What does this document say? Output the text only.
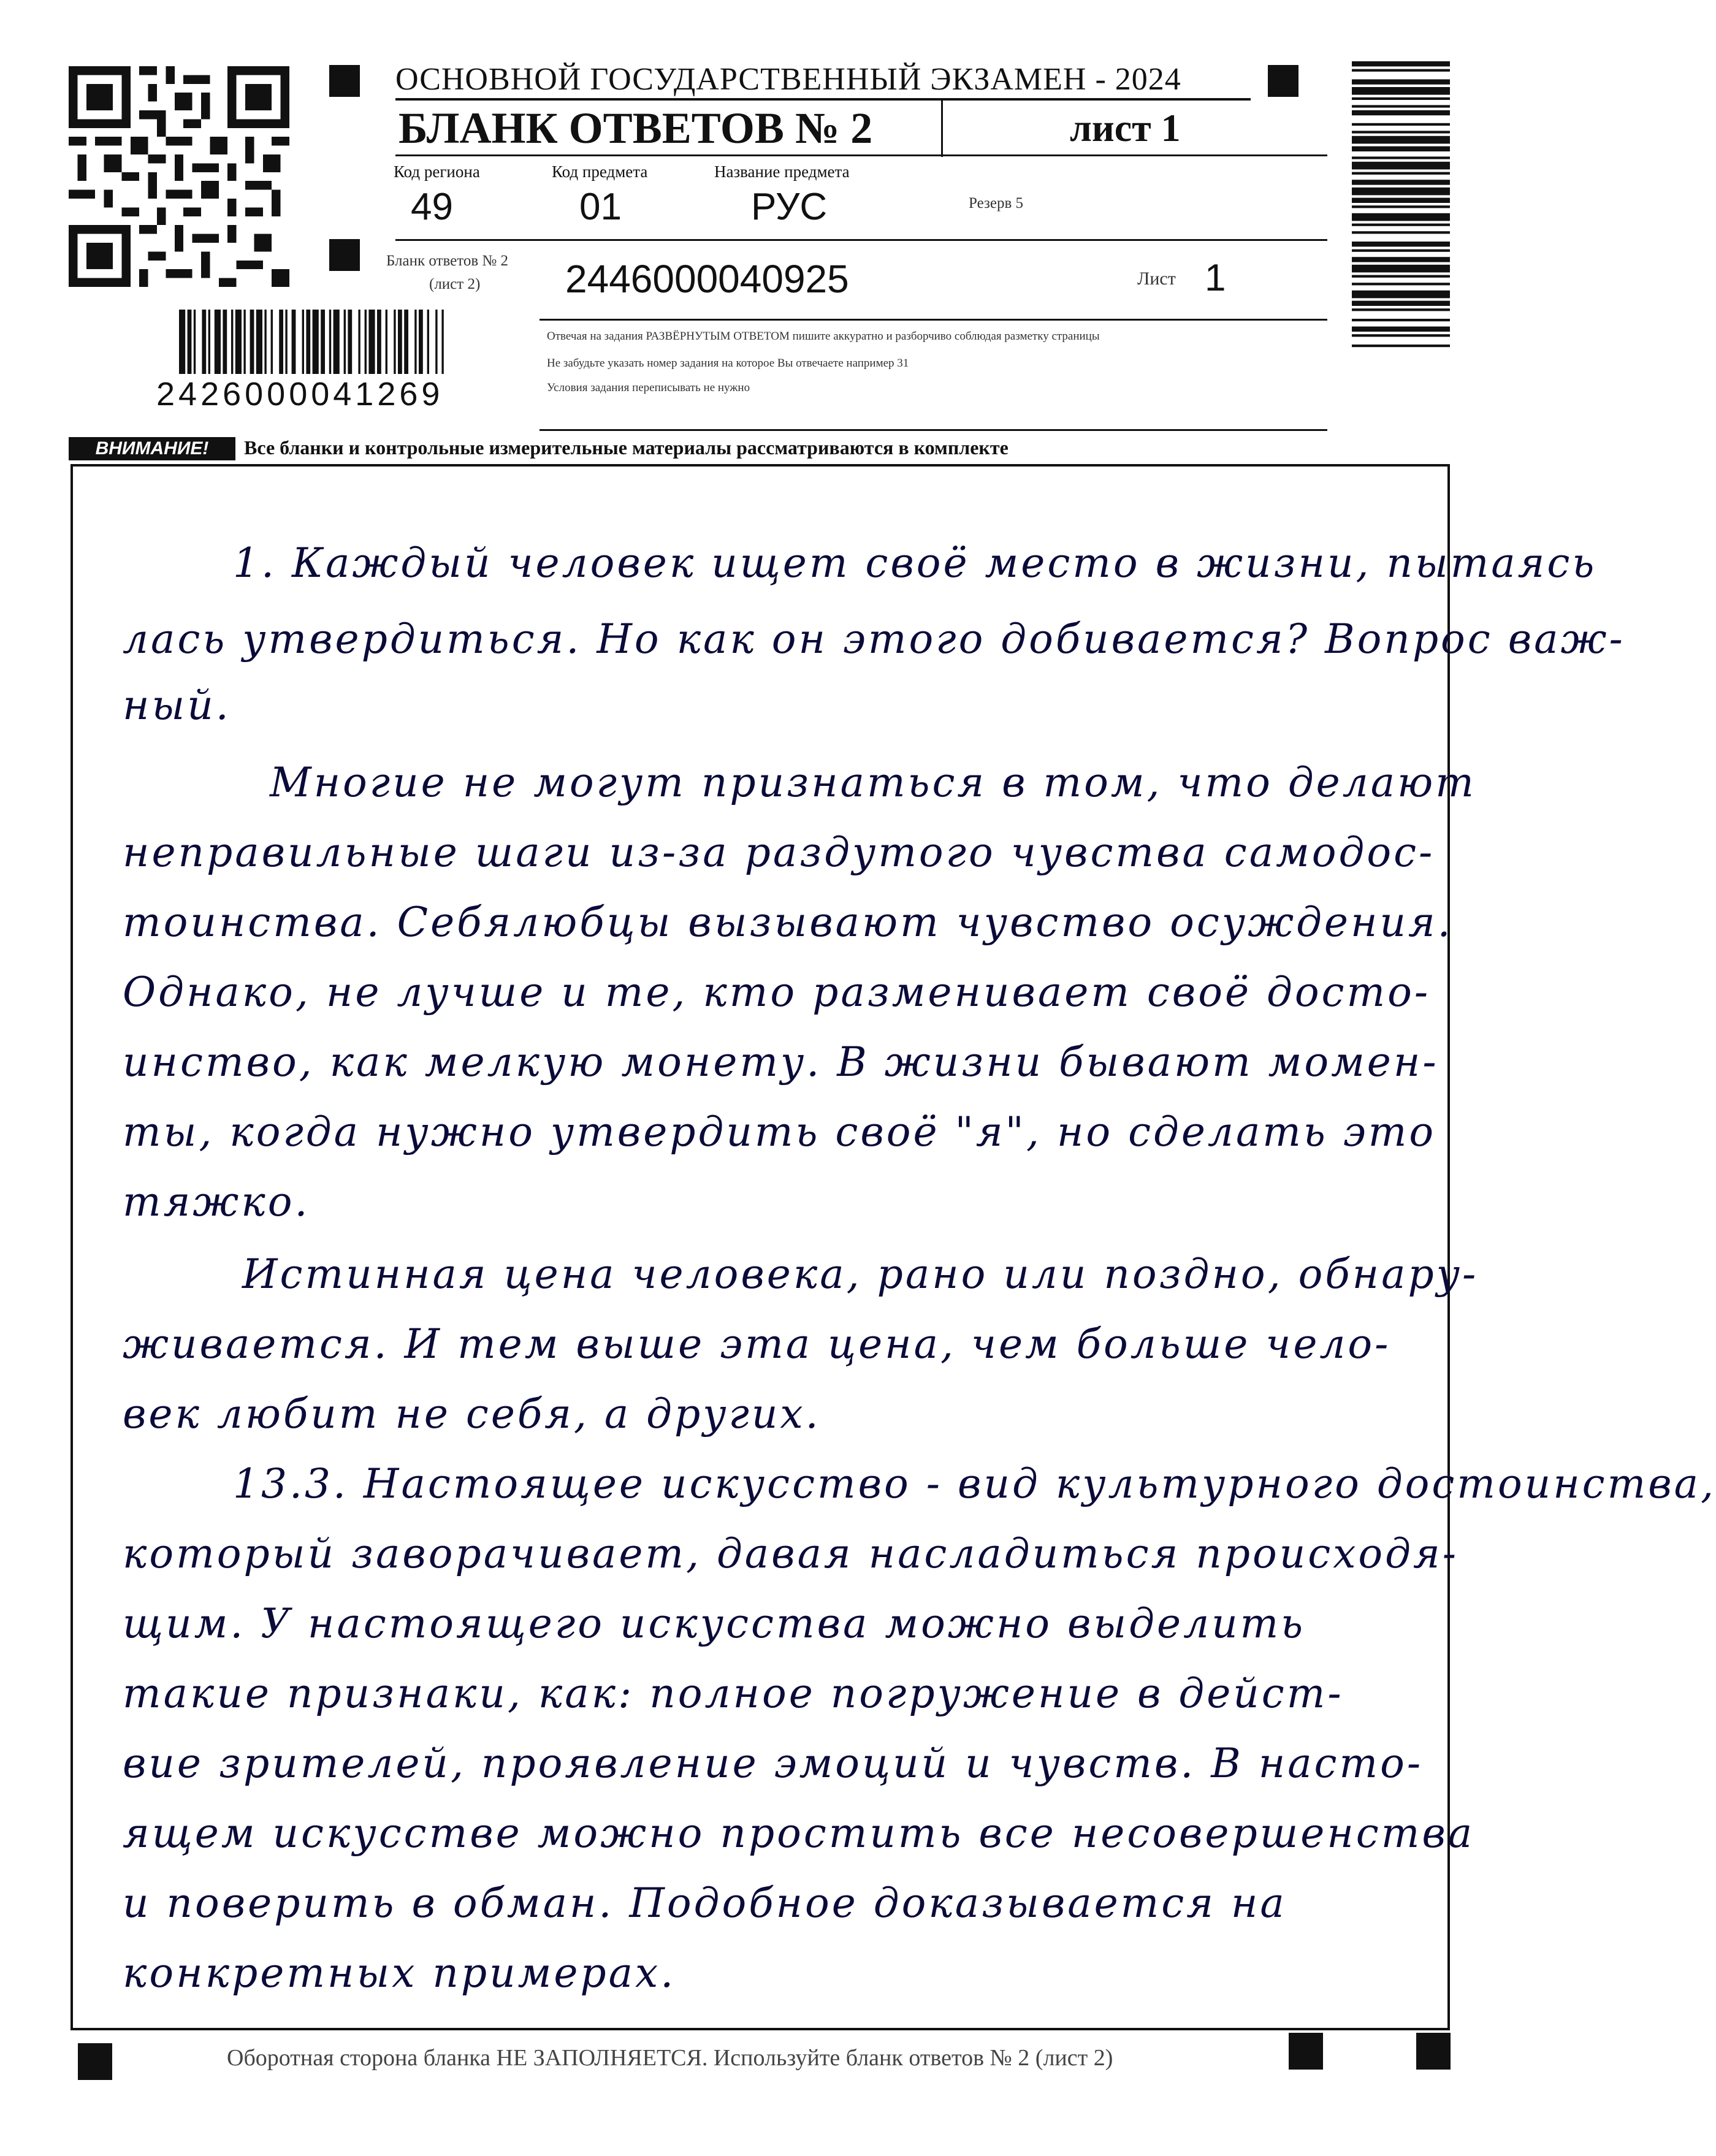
ОСНОВНОЙ ГОСУДАРСТВЕННЫЙ ЭКЗАМЕН - 2024
БЛАНК ОТВЕТОВ № 2	лист 1
Код региона
49
Код предмета
01
Название предмета
РУС	Резерв 5
Бланк ответов № 2
(лист 2) 2446000040925	Лист 1
Отвечая на задания РАЗВЁРНУТЫМ ОТВЕТОМ пишите аккуратно и разборчиво соблюдая разметку страницы
Не забудьте указать номер задания на которое Вы отвечаете например 31
Условия задания переписывать не нужно
2426000041269
ВНИМАНИЕ!	Все бланки и контрольные измерительные материалы рассматриваются в комплекте
1. Каждый человек ищет своё место в жизни, пытаясь
лась утвердиться. Но как он этого добивается? Вопрос важ-
ный.
Многие не могут признаться в том, что делают
неправильные шаги из-за раздутого чувства самодос-
тоинства. Себялюбцы вызывают чувство осуждения.
Однако, не лучше и те, кто разменивает своё досто-
инство, как мелкую монету. В жизни бывают момен-
ты, когда нужно утвердить своё "я", но сделать это
тяжко.
Истинная цена человека, рано или поздно, обнару-
живается. И тем выше эта цена, чем больше чело-
век любит не себя, а других.
13.3. Настоящее искусство - вид культурного достоинства,
который заворачивает, давая насладиться происходя-
щим. У настоящего искусства можно выделить
такие признаки, как: полное погружение в дейст-
вие зрителей, проявление эмоций и чувств. В насто-
ящем искусстве можно простить все несовершенства
и поверить в обман. Подобное доказывается на
конкретных примерах.
Оборотная сторона бланка НЕ ЗАПОЛНЯЕТСЯ. Используйте бланк ответов № 2 (лист 2)
